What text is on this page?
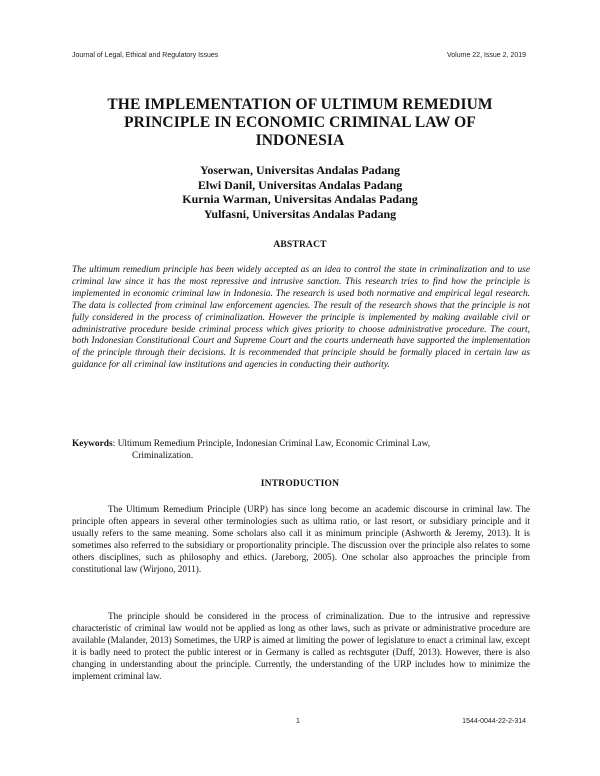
Journal of Legal, Ethical and Regulatory Issues	Volume 22, Issue 2, 2019
THE IMPLEMENTATION OF ULTIMUM REMEDIUM
PRINCIPLE IN ECONOMIC CRIMINAL LAW OF
INDONESIA
Yoserwan, Universitas Andalas Padang
Elwi Danil, Universitas Andalas Padang
Kurnia Warman, Universitas Andalas Padang
Yulfasni, Universitas Andalas Padang
ABSTRACT
The ultimum remedium principle has been widely accepted as an idea to control the state in criminalization and to use criminal law since it has the most repressive and intrusive sanction. This research tries to find how the principle is implemented in economic criminal law in Indonesia. The research is used both normative and empirical legal research. The data is collected from criminal law enforcement agencies. The result of the research shows that the principle is not fully considered in the process of criminalization. However the principle is implemented by making available civil or administrative procedure beside criminal process which gives priority to choose administrative procedure. The court, both Indonesian Constitutional Court and Supreme Court and the courts underneath have supported the implementation of the principle through their decisions. It is recommended that principle should be formally placed in certain law as guidance for all criminal law institutions and agencies in conducting their authority.
Keywords: Ultimum Remedium Principle, Indonesian Criminal Law, Economic Criminal Law,
Criminalization.
INTRODUCTION

The Ultimum Remedium Principle (URP) has since long become an academic discourse in criminal law. The principle often appears in several other terminologies such as ultima ratio, or last resort, or subsidiary principle and it usually refers to the same meaning. Some scholars also call it as minimum principle (Ashworth & Jeremy, 2013). It is sometimes also referred to the subsidiary or proportionality principle. The discussion over the principle also relates to some others disciplines, such as philosophy and ethics. (Jareborg, 2005). One scholar also approaches the principle from constitutional law (Wirjono, 2011).

The principle should be considered in the process of criminalization. Due to the intrusive and repressive characteristic of criminal law would not be applied as long as other laws, such as private or administrative procedure are available (Malander, 2013) Sometimes, the URP is aimed at limiting the power of legislature to enact a criminal law, except it is badly need to protect the public interest or in Germany is called as rechtsguter (Duff, 2013). However, there is also changing in understanding about the principle. Currently, the understanding of the URP includes how to minimize the implement criminal law.

1	1544-0044-22-2-314
